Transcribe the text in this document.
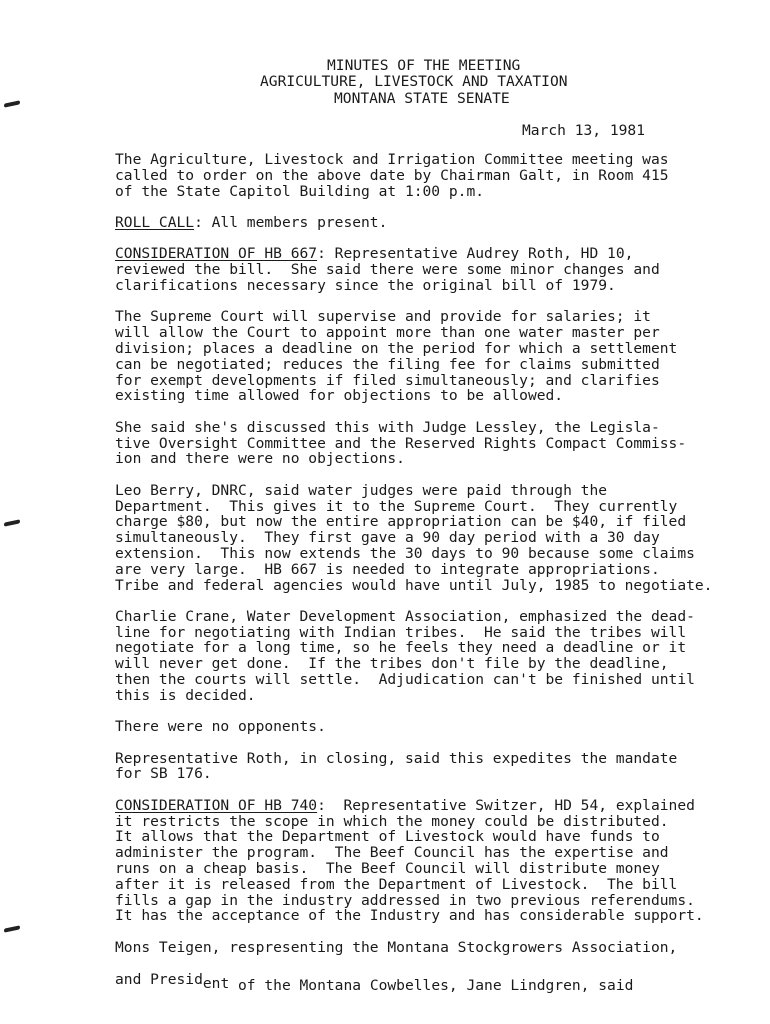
MINUTES OF THE MEETING
AGRICULTURE, LIVESTOCK AND TAXATION
MONTANA STATE SENATE
March 13, 1981

The Agriculture, Livestock and Irrigation Committee meeting was
called to order on the above date by Chairman Galt, in Room 415
of the State Capitol Building at 1:00 p.m.

ROLL CALL: All members present.

CONSIDERATION OF HB 667: Representative Audrey Roth, HD 10,
reviewed the bill.  She said there were some minor changes and
clarifications necessary since the original bill of 1979.

The Supreme Court will supervise and provide for salaries; it
will allow the Court to appoint more than one water master per
division; places a deadline on the period for which a settlement
can be negotiated; reduces the filing fee for claims submitted
for exempt developments if filed simultaneously; and clarifies
existing time allowed for objections to be allowed.

She said she's discussed this with Judge Lessley, the Legisla-
tive Oversight Committee and the Reserved Rights Compact Commiss-
ion and there were no objections.

Leo Berry, DNRC, said water judges were paid through the
Department.  This gives it to the Supreme Court.  They currently
charge $80, but now the entire appropriation can be $40, if filed
simultaneously.  They first gave a 90 day period with a 30 day
extension.  This now extends the 30 days to 90 because some claims
are very large.  HB 667 is needed to integrate appropriations.
Tribe and federal agencies would have until July, 1985 to negotiate.

Charlie Crane, Water Development Association, emphasized the dead-
line for negotiating with Indian tribes.  He said the tribes will
negotiate for a long time, so he feels they need a deadline or it
will never get done.  If the tribes don't file by the deadline,
then the courts will settle.  Adjudication can't be finished until
this is decided.

There were no opponents.

Representative Roth, in closing, said this expedites the mandate
for SB 176.

CONSIDERATION OF HB 740:  Representative Switzer, HD 54, explained
it restricts the scope in which the money could be distributed.
It allows that the Department of Livestock would have funds to
administer the program.  The Beef Council has the expertise and
runs on a cheap basis.  The Beef Council will distribute money
after it is released from the Department of Livestock.  The bill
fills a gap in the industry addressed in two previous referendums.
It has the acceptance of the Industry and has considerable support.

Mons Teigen, respresenting the Montana Stockgrowers Association,

and President of the Montana Cowbelles, Jane Lindgren, said
